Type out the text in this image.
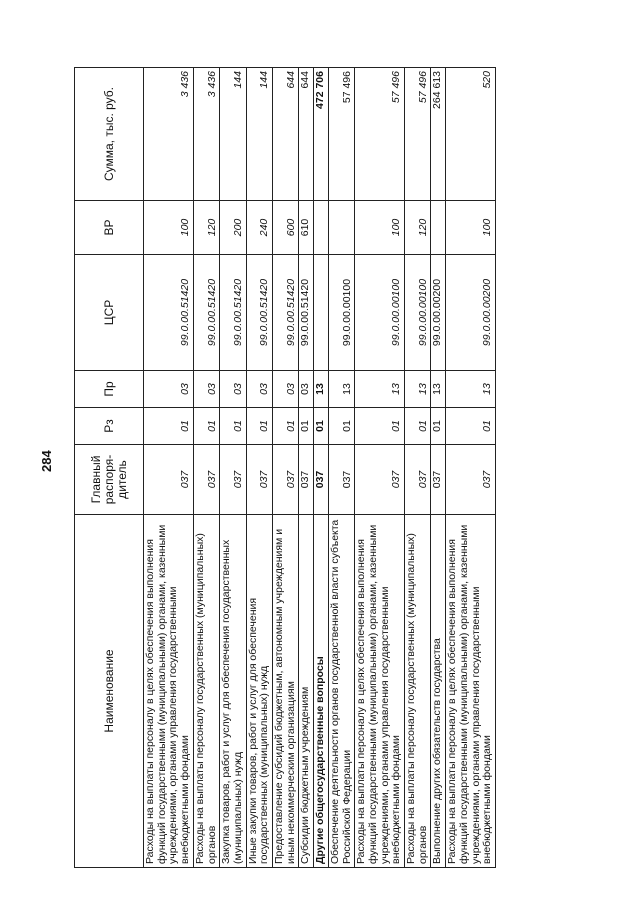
284
Наименование	Главный распоря-дитель	Рз	Пр	ЦСР	ВР	Сумма, тыс. руб.
Расходы на выплаты персоналу в целях обеспечения выполнения функций государственными (муниципальными) органами, казенными учреждениями, органами управления государственными внебюджетными фондами	037	01	03	99.0.00.51420	100	3 436
Расходы на выплаты персоналу государственных (муниципальных) органов	037	01	03	99.0.00.51420	120	3 436
Закупка товаров, работ и услуг для обеспечения государственных (муниципальных) нужд	037	01	03	99.0.00.51420	200	144
Иные закупки товаров, работ и услуг для обеспечения государственных (муниципальных) нужд	037	01	03	99.0.00.51420	240	144
Предоставление субсидий бюджетным, автономным учреждениям и иным некоммерческим организациям	037	01	03	99.0.00.51420	600	644
Субсидии бюджетным учреждениям	037	01	03	99.0.00.51420	610	644
Другие общегосударственные вопросы	037	01	13			472 706
Обеспечение деятельности органов государственной власти субъекта Российской Федерации	037	01	13	99.0.00.00100		57 496
Расходы на выплаты персоналу в целях обеспечения выполнения функций государственными (муниципальными) органами, казенными учреждениями, органами управления государственными внебюджетными фондами	037	01	13	99.0.00.00100	100	57 496
Расходы на выплаты персоналу государственных (муниципальных) органов	037	01	13	99.0.00.00100	120	57 496
Выполнение других обязательств государства	037	01	13	99.0.00.00200		264 613
Расходы на выплаты персоналу в целях обеспечения выполнения функций государственными (муниципальными) органами, казенными учреждениями, органами управления государственными внебюджетными фондами	037	01	13	99.0.00.00200	100	520
